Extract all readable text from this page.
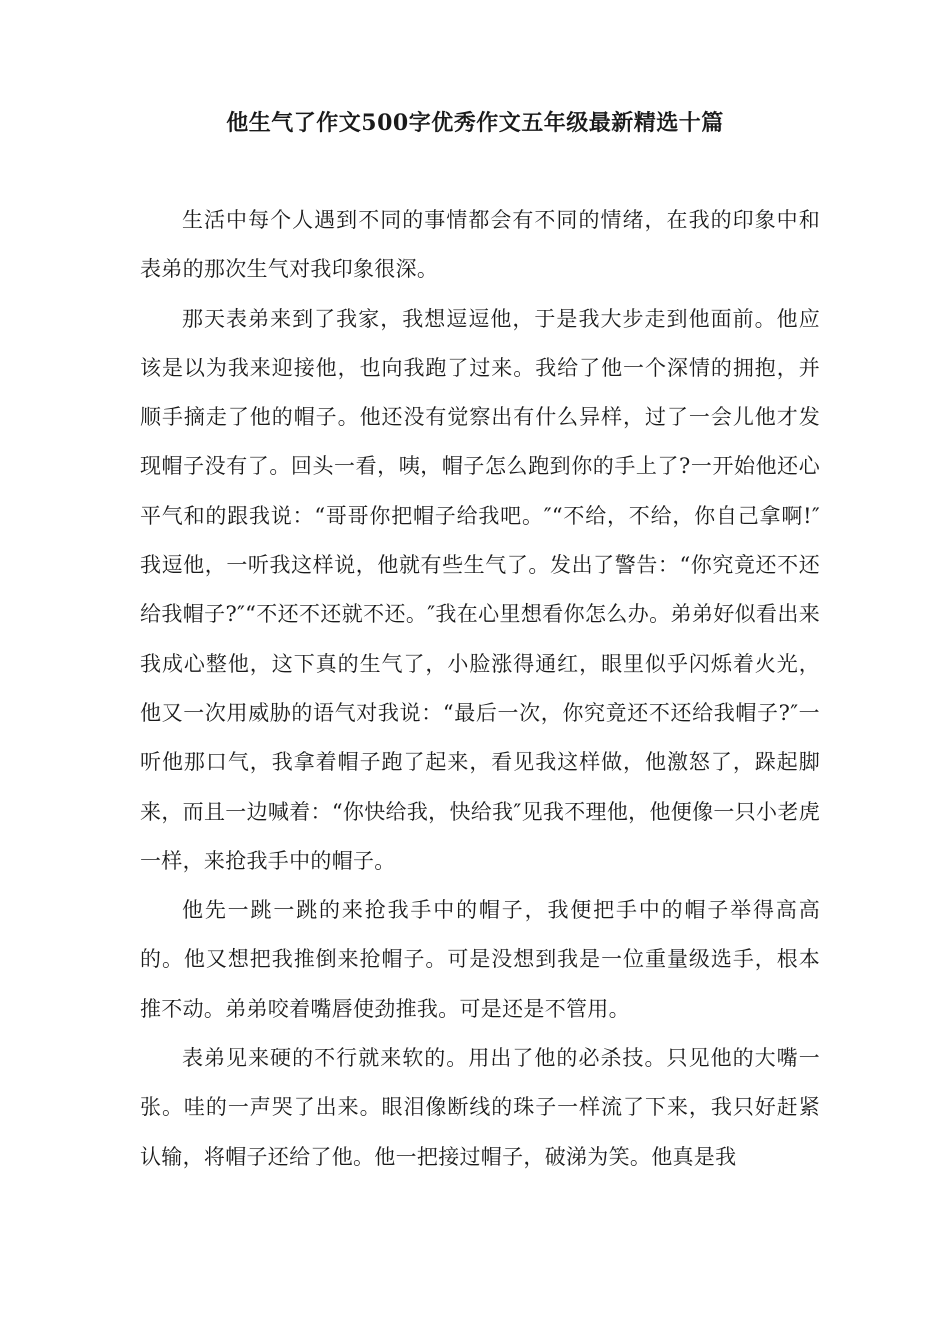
他生气了作文500字优秀作文五年级最新精选十篇

生活中每个人遇到不同的事情都会有不同的情绪，在我的印象中和表弟的那次生气对我印象很深。

那天表弟来到了我家，我想逗逗他，于是我大步走到他面前。他应该是以为我来迎接他，也向我跑了过来。我给了他一个深情的拥抱，并顺手摘走了他的帽子。他还没有觉察出有什么异样，过了一会儿他才发现帽子没有了。回头一看，咦，帽子怎么跑到你的手上了?一开始他还心平气和的跟我说：“哥哥你把帽子给我吧。″“不给，不给，你自己拿啊!″我逗他，一听我这样说，他就有些生气了。发出了警告：“你究竟还不还给我帽子?″“不还不还就不还。″我在心里想看你怎么办。弟弟好似看出来我成心整他，这下真的生气了，小脸涨得通红，眼里似乎闪烁着火光，他又一次用威胁的语气对我说：“最后一次，你究竟还不还给我帽子?″一听他那口气，我拿着帽子跑了起来，看见我这样做，他激怒了，跺起脚来，而且一边喊着：“你快给我，快给我″见我不理他，他便像一只小老虎一样，来抢我手中的帽子。

他先一跳一跳的来抢我手中的帽子，我便把手中的帽子举得高高的。他又想把我推倒来抢帽子。可是没想到我是一位重量级选手，根本推不动。弟弟咬着嘴唇使劲推我。可是还是不管用。

表弟见来硬的不行就来软的。用出了他的必杀技。只见他的大嘴一张。哇的一声哭了出来。眼泪像断线的珠子一样流了下来，我只好赶紧认输，将帽子还给了他。他一把接过帽子，破涕为笑。他真是我
